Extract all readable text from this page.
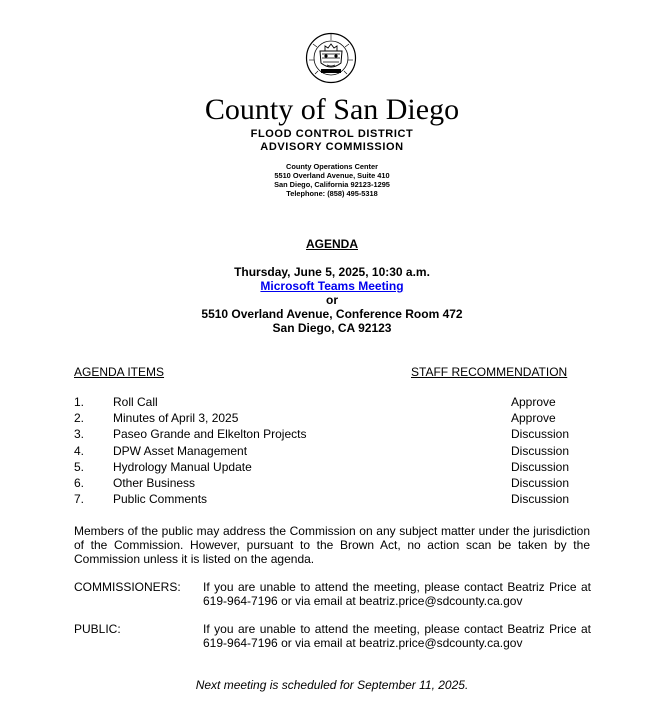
County of San Diego
FLOOD CONTROL DISTRICT
ADVISORY COMMISSION
County Operations Center
5510 Overland Avenue, Suite 410
San Diego, California 92123-1295
Telephone: (858) 495-5318
AGENDA
Thursday, June 5, 2025, 10:30 a.m.
Microsoft Teams Meeting
or
5510 Overland Avenue, Conference Room 472
San Diego, CA 92123
AGENDA ITEMS	STAFF RECOMMENDATION
1. Roll Call	Approve
2. Minutes of April 3, 2025	Approve
3. Paseo Grande and Elkelton Projects	Discussion
4. DPW Asset Management	Discussion
5. Hydrology Manual Update	Discussion
6. Other Business	Discussion
7. Public Comments	Discussion
Members of the public may address the Commission on any subject matter under the jurisdiction
of the Commission. However, pursuant to the Brown Act, no action scan be taken by the
Commission unless it is listed on the agenda.
COMMISSIONERS: If you are unable to attend the meeting, please contact Beatriz Price at
619-964-7196 or via email at beatriz.price@sdcounty.ca.gov
PUBLIC:	If you are unable to attend the meeting, please contact Beatriz Price at
619-964-7196 or via email at beatriz.price@sdcounty.ca.gov
Next meeting is scheduled for September 11, 2025.
